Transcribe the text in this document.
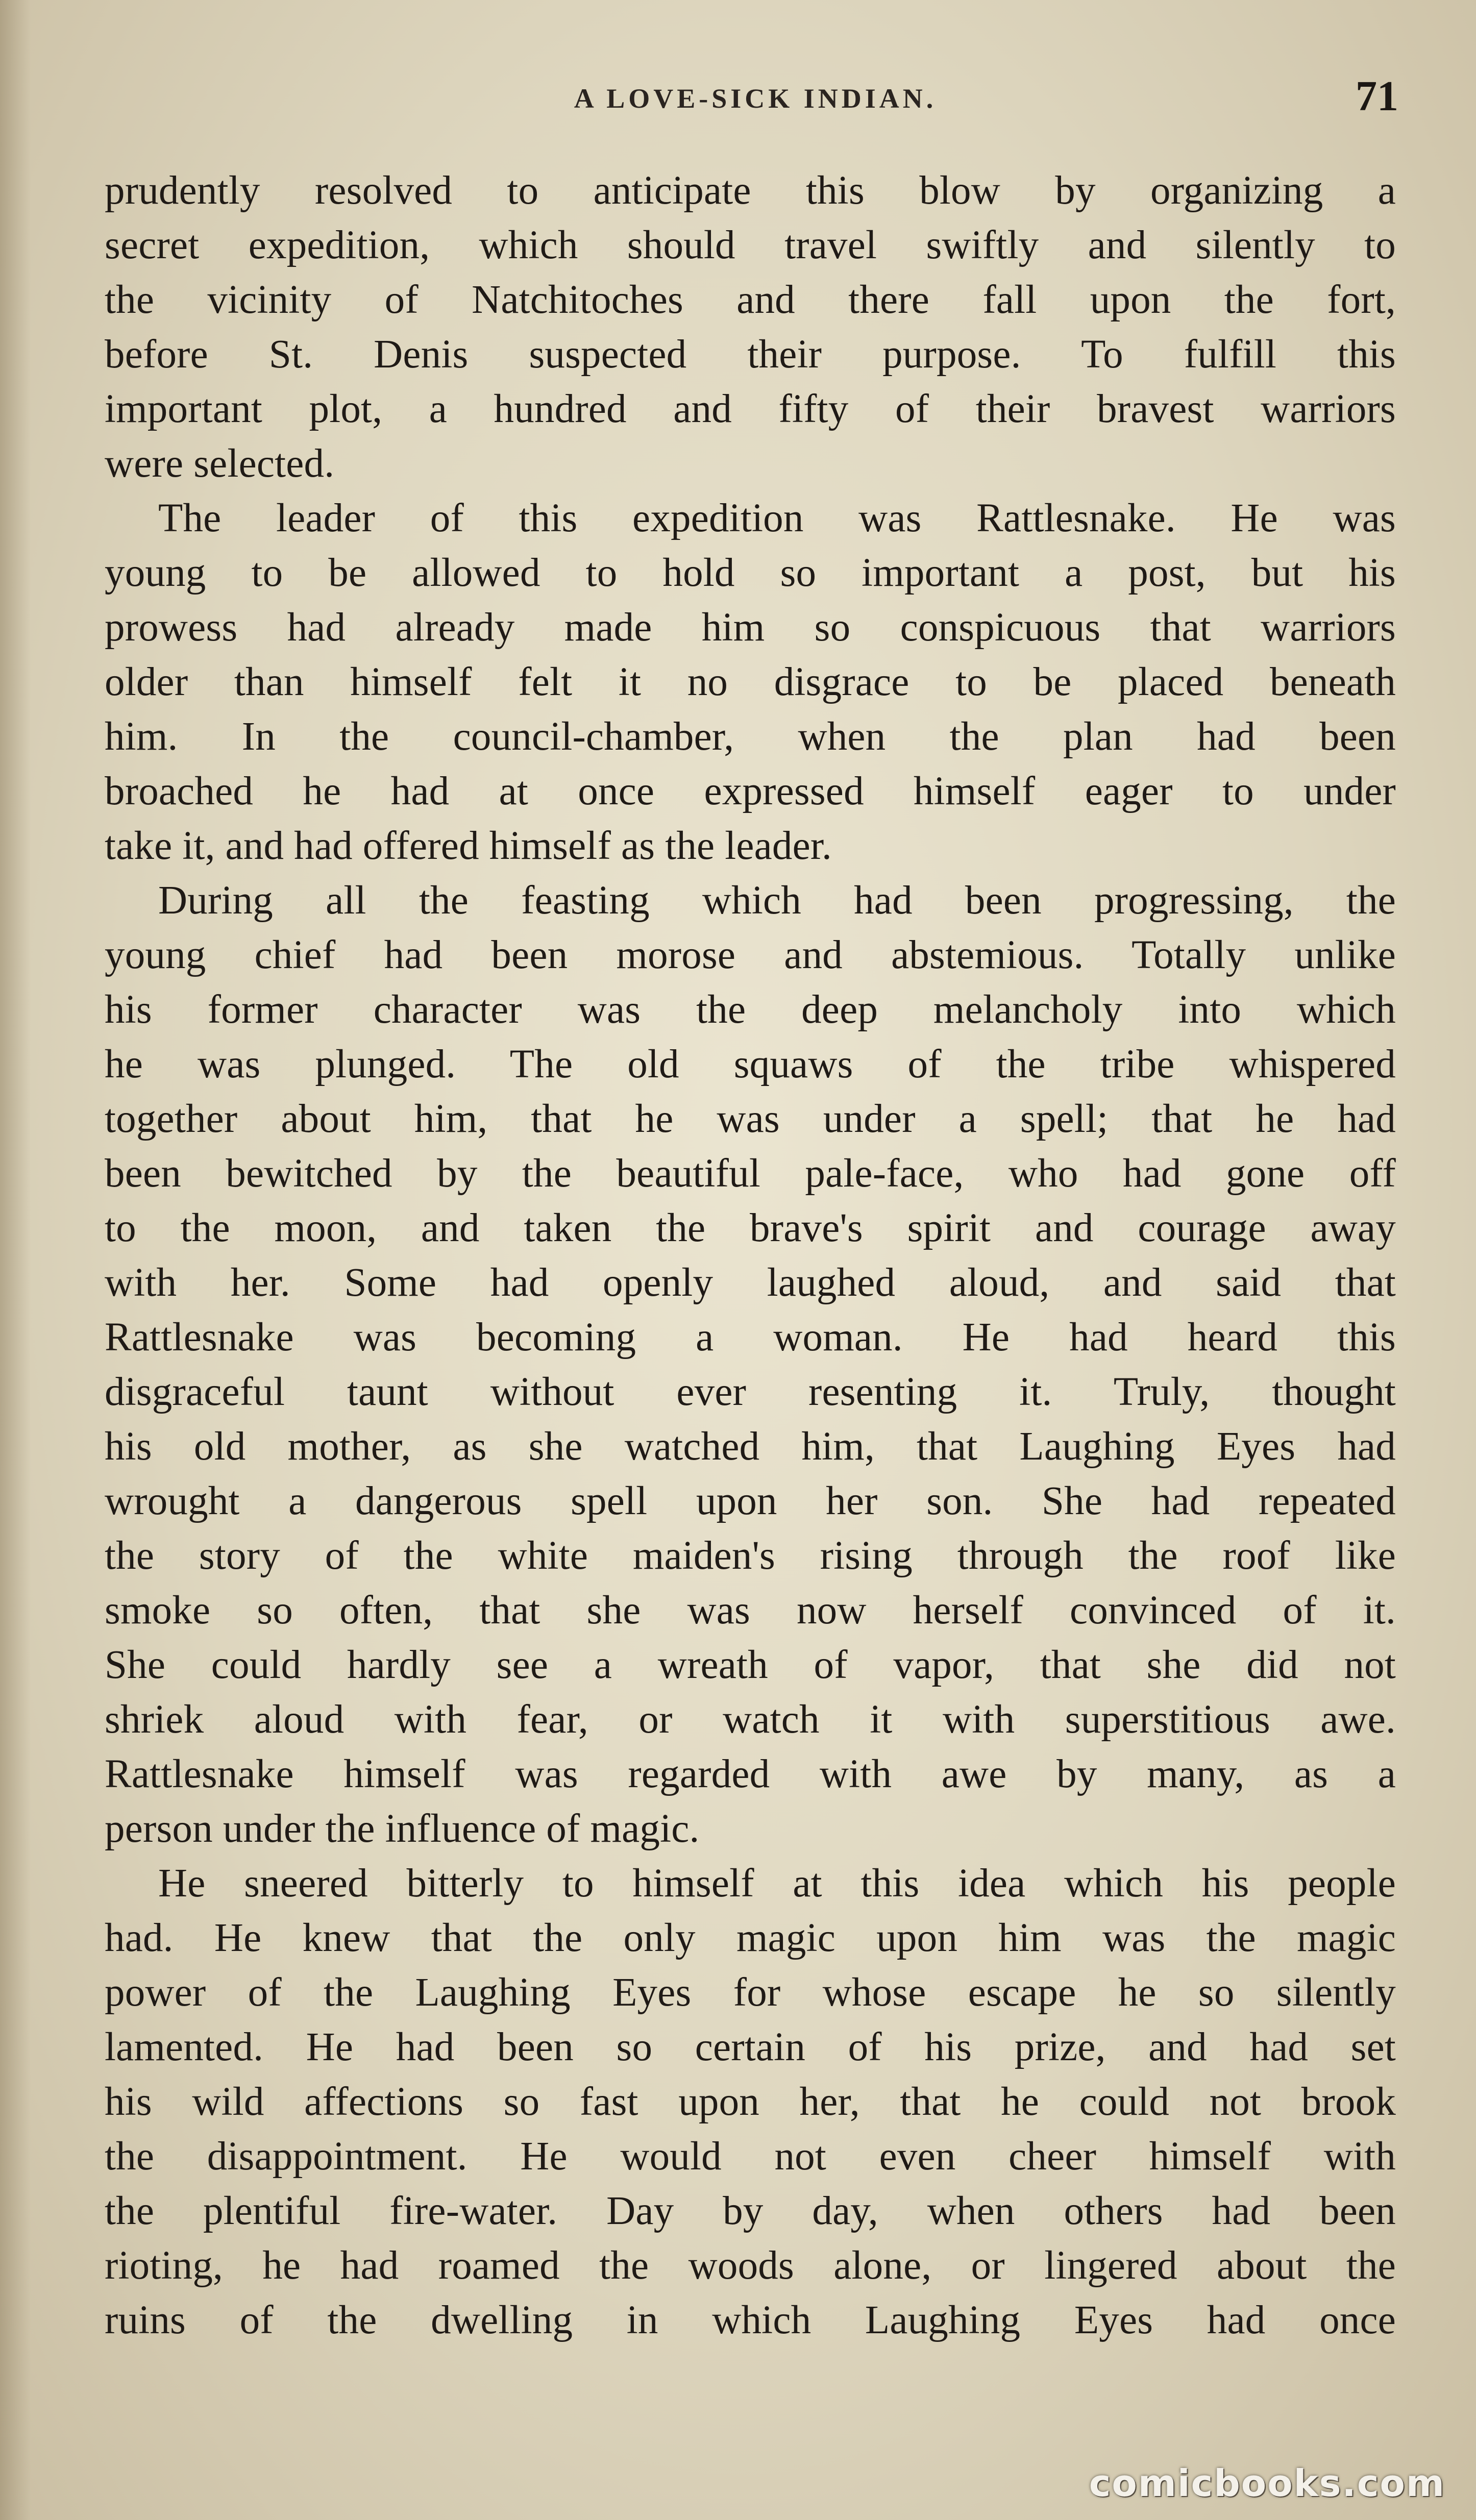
A LOVE-SICK INDIAN.	71
prudently resolved to anticipate this blow by organizing a
secret expedition, which should travel swiftly and silently to
the vicinity of Natchitoches and there fall upon the fort,
before St. Denis suspected their purpose. To fulfill this
important plot, a hundred and fifty of their bravest warriors
were selected.
The leader of this expedition was Rattlesnake. He was
young to be allowed to hold so important a post, but his
prowess had already made him so conspicuous that warriors
older than himself felt it no disgrace to be placed beneath
him. In the council-chamber, when the plan had been
broached he had at once expressed himself eager to under
take it, and had offered himself as the leader.
During all the feasting which had been progressing, the
young chief had been morose and abstemious. Totally unlike
his former character was the deep melancholy into which
he was plunged. The old squaws of the tribe whispered
together about him, that he was under a spell; that he had
been bewitched by the beautiful pale-face, who had gone off
to the moon, and taken the brave's spirit and courage away
with her. Some had openly laughed aloud, and said that
Rattlesnake was becoming a woman. He had heard this
disgraceful taunt without ever resenting it. Truly, thought
his old mother, as she watched him, that Laughing Eyes had
wrought a dangerous spell upon her son. She had repeated
the story of the white maiden's rising through the roof like
smoke so often, that she was now herself convinced of it.
She could hardly see a wreath of vapor, that she did not
shriek aloud with fear, or watch it with superstitious awe.
Rattlesnake himself was regarded with awe by many, as a
person under the influence of magic.
He sneered bitterly to himself at this idea which his people
had. He knew that the only magic upon him was the magic
power of the Laughing Eyes for whose escape he so silently
lamented. He had been so certain of his prize, and had set
his wild affections so fast upon her, that he could not brook
the disappointment. He would not even cheer himself with
the plentiful fire-water. Day by day, when others had been
rioting, he had roamed the woods alone, or lingered about the
ruins of the dwelling in which Laughing Eyes had once
comicbooks.com
